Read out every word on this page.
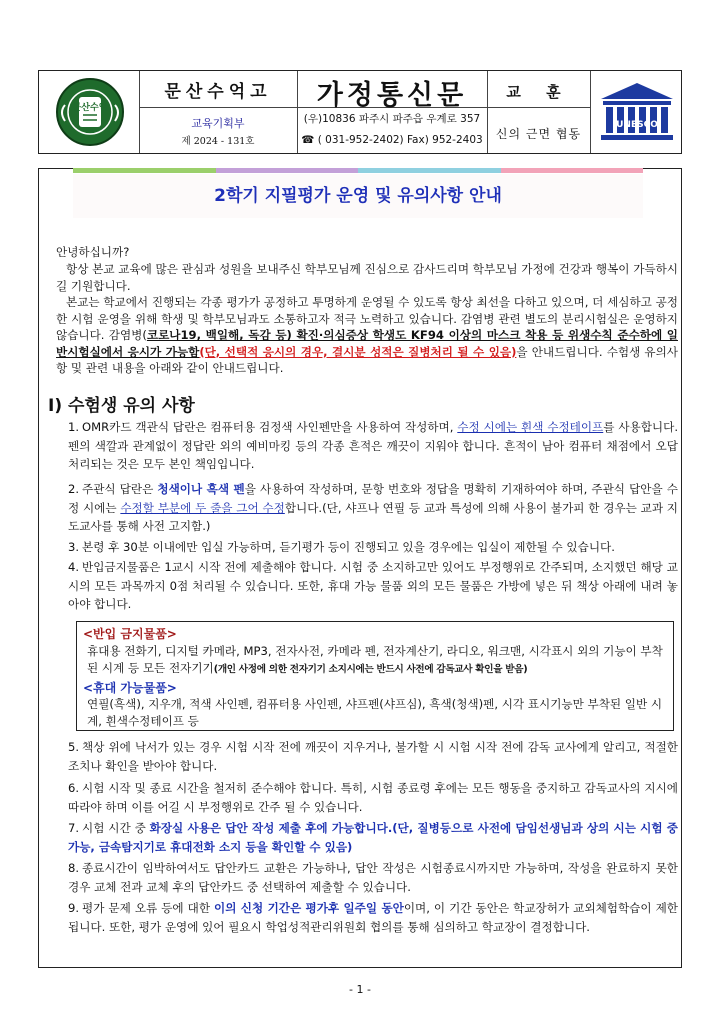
문산수억
문산수억고
교육기획부
제 2024 - 131호
가정통신문
(우)10836 파주시 파주읍 우계로 357
☎ ( 031-952-2402) Fax) 952-2403
교 훈
신의 근면 협동
UNESCO
2학기 지필평가 운영 및 유의사항 안내
안녕하십니까?
항상 본교 교육에 많은 관심과 성원을 보내주신 학부모님께 진심으로 감사드리며 학부모님 가정에 건강과 행복이 가득하시길 기원합니다.
본교는 학교에서 진행되는 각종 평가가 공정하고 투명하게 운영될 수 있도록 항상 최선을 다하고 있으며, 더 세심하고 공정한 시험 운영을 위해 학생 및 학부모님과도 소통하고자 적극 노력하고 있습니다. 감염병 관련 별도의 분리시험실은 운영하지 않습니다. 감염병(코로나19, 백일해, 독감 등) 확진·의심증상 학생도 KF94 이상의 마스크 착용 등 위생수칙 준수하에 일반시험실에서 응시가 가능함(단, 선택적 응시의 경우, 결시분 성적은 질병처리 될 수 있음)을 안내드립니다. 수험생 유의사항 및 관련 내용을 아래와 같이 안내드립니다.
Ⅰ) 수험생 유의 사항
1. OMR카드 객관식 답란은 컴퓨터용 검정색 사인펜만을 사용하여 작성하며, 수정 시에는 흰색 수정테이프를 사용합니다. 펜의 색깔과 관계없이 정답란 외의 예비마킹 등의 각종 흔적은 깨끗이 지워야 합니다. 흔적이 남아 컴퓨터 채점에서 오답 처리되는 것은 모두 본인 책임입니다.
2. 주관식 답란은 청색이나 흑색 펜을 사용하여 작성하며, 문항 번호와 정답을 명확히 기재하여야 하며, 주관식 답안을 수정 시에는 수정할 부분에 두 줄을 그어 수정합니다.(단, 샤프나 연필 등 교과 특성에 의해 사용이 불가피 한 경우는 교과 지도교사를 통해 사전 고지함.)
3. 본령 후 30분 이내에만 입실 가능하며, 듣기평가 등이 진행되고 있을 경우에는 입실이 제한될 수 있습니다.
4. 반입금지물품은 1교시 시작 전에 제출해야 합니다. 시험 중 소지하고만 있어도 부정행위로 간주되며, 소지했던 해당 교시의 모든 과목까지 0점 처리될 수 있습니다. 또한, 휴대 가능 물품 외의 모든 물품은 가방에 넣은 뒤 책상 아래에 내려 놓아야 합니다.
<반입 금지물품>
휴대용 전화기, 디지털 카메라, MP3, 전자사전, 카메라 펜, 전자계산기, 라디오, 워크맨, 시각표시 외의 기능이 부착된 시계 등 모든 전자기기(개인 사정에 의한 전자기기 소지시에는 반드시 사전에 감독교사 확인을 받음)
<휴대 가능물품>
연필(흑색), 지우개, 적색 사인펜, 컴퓨터용 사인펜, 샤프펜(샤프심), 흑색(청색)펜, 시각 표시기능만 부착된 일반 시계, 흰색수정테이프 등
5. 책상 위에 낙서가 있는 경우 시험 시작 전에 깨끗이 지우거나, 불가할 시 시험 시작 전에 감독 교사에게 알리고, 적절한 조치나 확인을 받아야 합니다.
6. 시험 시작 및 종료 시간을 철저히 준수해야 합니다. 특히, 시험 종료령 후에는 모든 행동을 중지하고 감독교사의 지시에 따라야 하며 이를 어길 시 부정행위로 간주 될 수 있습니다.
7. 시험 시간 중 화장실 사용은 답안 작성 제출 후에 가능합니다.(단, 질병등으로 사전에 담임선생님과 상의 시는 시험 중 가능, 금속탐지기로 휴대전화 소지 등을 확인할 수 있음)
8. 종료시간이 임박하여서도 답안카드 교환은 가능하나, 답안 작성은 시험종료시까지만 가능하며, 작성을 완료하지 못한 경우 교체 전과 교체 후의 답안카드 중 선택하여 제출할 수 있습니다.
9. 평가 문제 오류 등에 대한 이의 신청 기간은 평가후 일주일 동안이며, 이 기간 동안은 학교장허가 교외체험학습이 제한됩니다. 또한, 평가 운영에 있어 필요시 학업성적관리위원회 협의를 통해 심의하고 학교장이 결정합니다.
- 1 -
